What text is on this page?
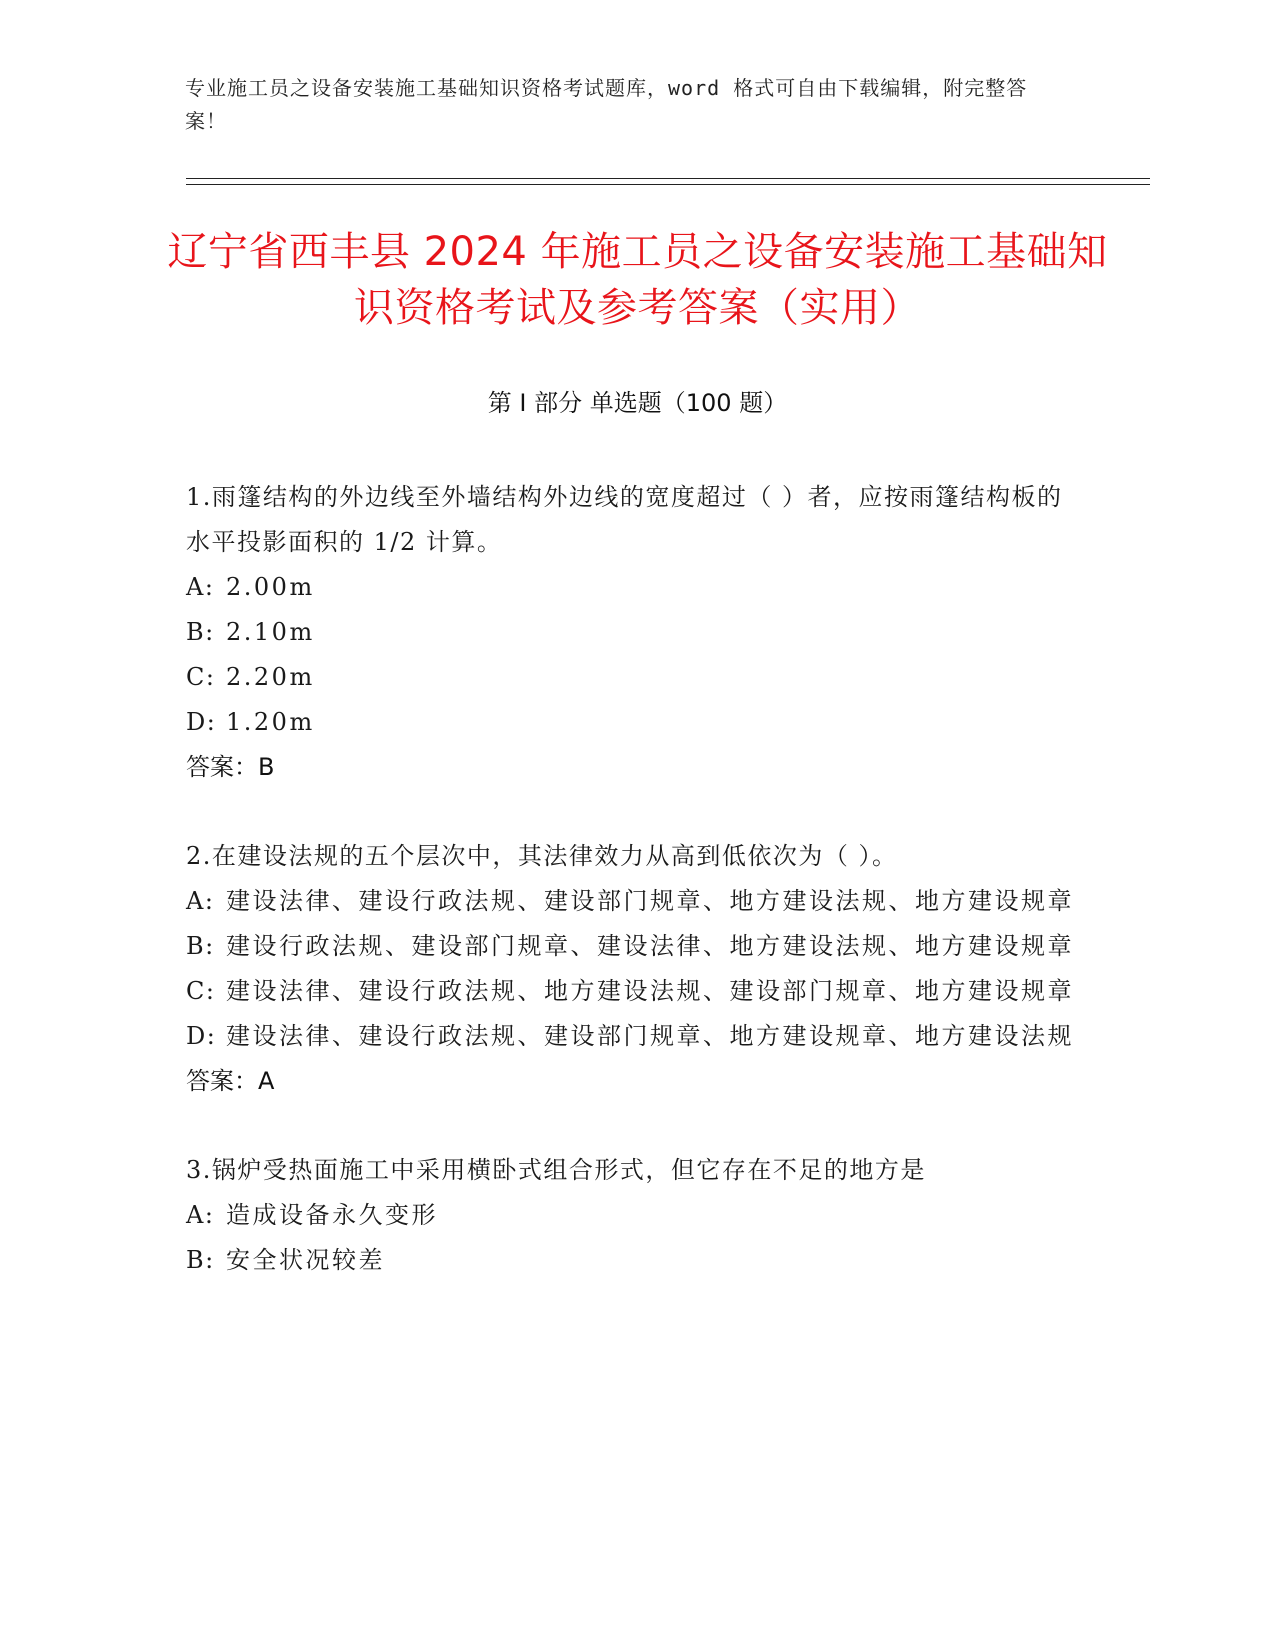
专业施工员之设备安装施工基础知识资格考试题库，word 格式可自由下载编辑，附完整答案！
辽宁省西丰县 2024 年施工员之设备安装施工基础知识资格考试及参考答案（实用）
第 I 部分 单选题（100 题）

1.雨篷结构的外边线至外墙结构外边线的宽度超过（ ）者，应按雨篷结构板的水平投影面积的 1/2 计算。

A: 2.00m
B: 2.10m
C: 2.20m
D: 1.20m

答案：B

2.在建设法规的五个层次中，其法律效力从高到低依次为（ ）。

A: 建设法律、建设行政法规、建设部门规章、地方建设法规、地方建设规章
B: 建设行政法规、建设部门规章、建设法律、地方建设法规、地方建设规章
C: 建设法律、建设行政法规、地方建设法规、建设部门规章、地方建设规章
D: 建设法律、建设行政法规、建设部门规章、地方建设规章、地方建设法规

答案：A

3.锅炉受热面施工中采用横卧式组合形式，但它存在不足的地方是

A: 造成设备永久变形
B: 安全状况较差
